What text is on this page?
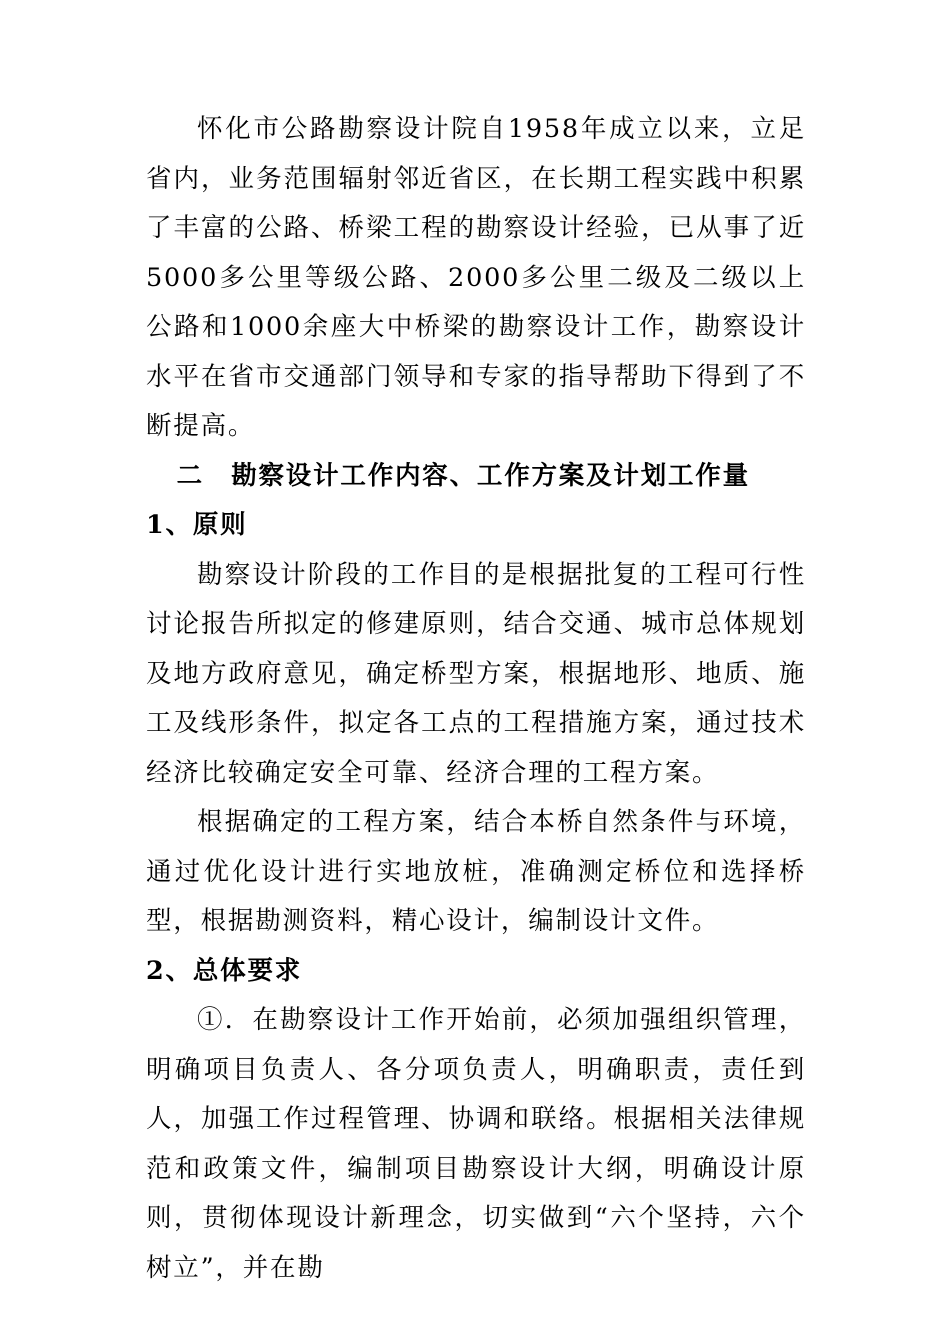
怀化市公路勘察设计院自1958年成立以来，立足省内，业务范围辐射邻近省区，在长期工程实践中积累了丰富的公路、桥梁工程的勘察设计经验，已从事了近5000多公里等级公路、2000多公里二级及二级以上公路和1000余座大中桥梁的勘察设计工作，勘察设计水平在省市交通部门领导和专家的指导帮助下得到了不断提高。

二　勘察设计工作内容、工作方案及计划工作量

1、原则

勘察设计阶段的工作目的是根据批复的工程可行性讨论报告所拟定的修建原则，结合交通、城市总体规划及地方政府意见，确定桥型方案，根据地形、地质、施工及线形条件，拟定各工点的工程措施方案，通过技术经济比较确定安全可靠、经济合理的工程方案。

根据确定的工程方案，结合本桥自然条件与环境，通过优化设计进行实地放桩，准确测定桥位和选择桥型，根据勘测资料，精心设计，编制设计文件。

2、总体要求

①．在勘察设计工作开始前，必须加强组织管理，明确项目负责人、各分项负责人，明确职责，责任到人，加强工作过程管理、协调和联络。根据相关法律规范和政策文件，编制项目勘察设计大纲，明确设计原则，贯彻体现设计新理念，切实做到“六个坚持，六个树立”，并在勘
